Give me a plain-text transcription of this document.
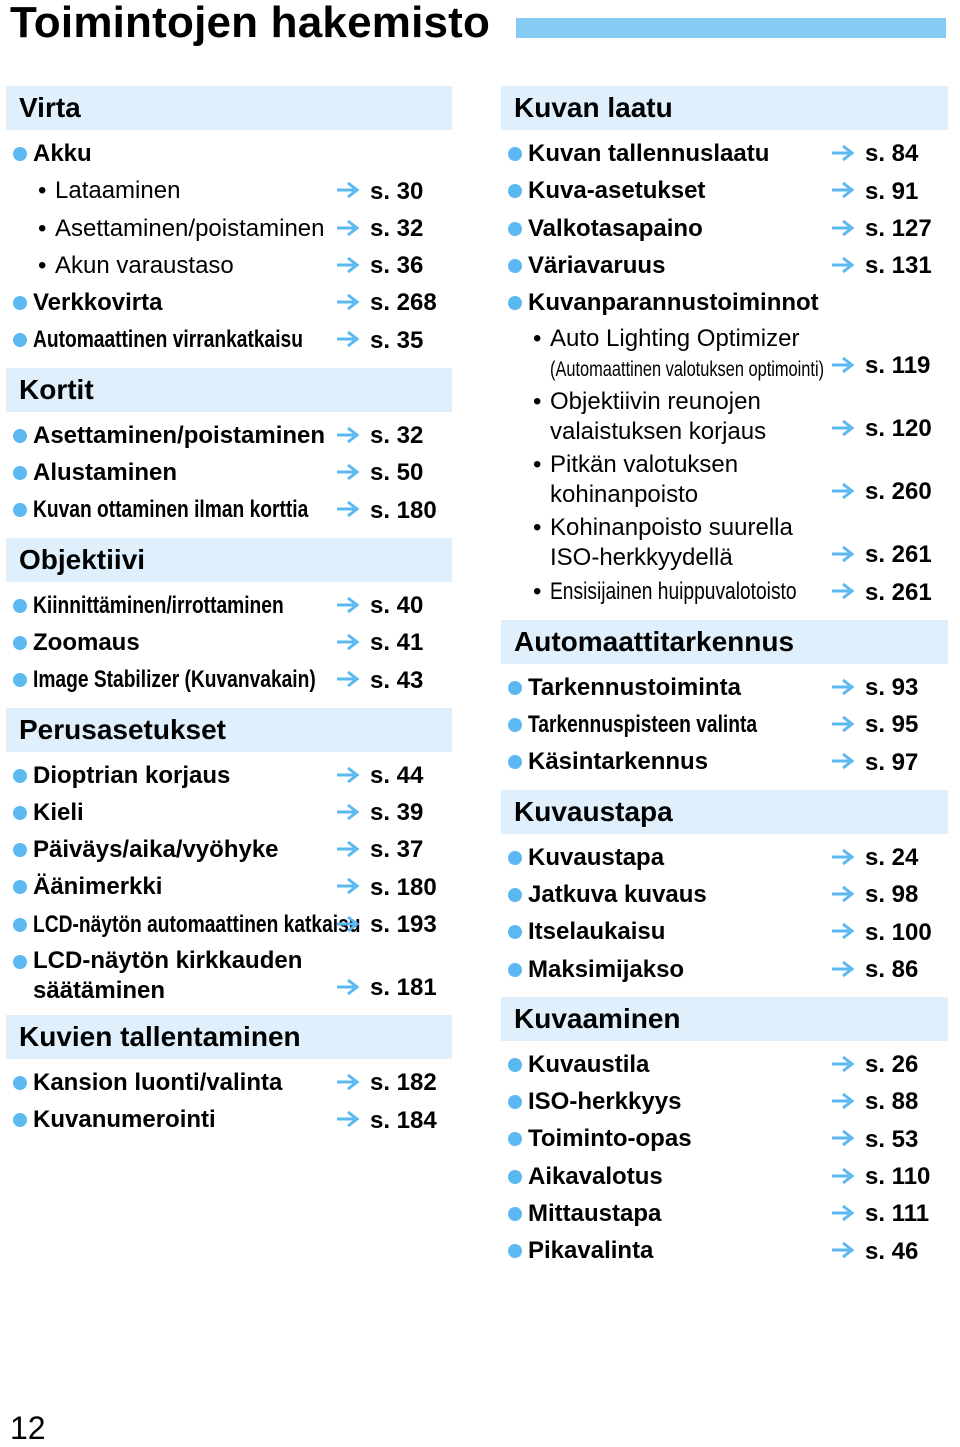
Toimintojen hakemisto
Virta
Akku
• Lataaminen	s. 30
• Asettaminen/poistaminen	s. 32
• Akun varaustaso	s. 36
Verkkovirta	s. 268
Automaattinen virrankatkaisu	s. 35
Kortit
Asettaminen/poistaminen	s. 32
Alustaminen	s. 50
Kuvan ottaminen ilman korttia	s. 180
Objektiivi
Kiinnittäminen/irrottaminen	s. 40
Zoomaus	s. 41
Image Stabilizer (Kuvanvakain)	s. 43
Perusasetukset
Dioptrian korjaus	s. 44
Kieli	s. 39
Päiväys/aika/vyöhyke	s. 37
Äänimerkki	s. 180
LCD-näytön automaattinen katkaisu s. 193
LCD-näytön kirkkauden
säätäminen	s. 181
Kuvien tallentaminen
Kansion luonti/valinta	s. 182
Kuvanumerointi	s. 184
Kuvan laatu
Kuvan tallennuslaatu	s. 84
Kuva-asetukset	s. 91
Valkotasapaino	s. 127
Väriavaruus	s. 131
Kuvanparannustoiminnot
• Auto Lighting Optimizer
(Automaattinen valotuksen optimointi)	s. 119
• Objektiivin reunojen
valaistuksen korjaus	s. 120
• Pitkän valotuksen
kohinanpoisto	s. 260
• Kohinanpoisto suurella
ISO-herkkyydellä	s. 261
• Ensisijainen huippuvalotoisto	s. 261
Automaattitarkennus
Tarkennustoiminta	s. 93
Tarkennuspisteen valinta	s. 95
Käsintarkennus	s. 97
Kuvaustapa
Kuvaustapa	s. 24
Jatkuva kuvaus	s. 98
Itselaukaisu	s. 100
Maksimijakso	s. 86
Kuvaaminen
Kuvaustila	s. 26
ISO-herkkyys	s. 88
Toiminto-opas	s. 53
Aikavalotus	s. 110
Mittaustapa	s. 111
Pikavalinta	s. 46
12
